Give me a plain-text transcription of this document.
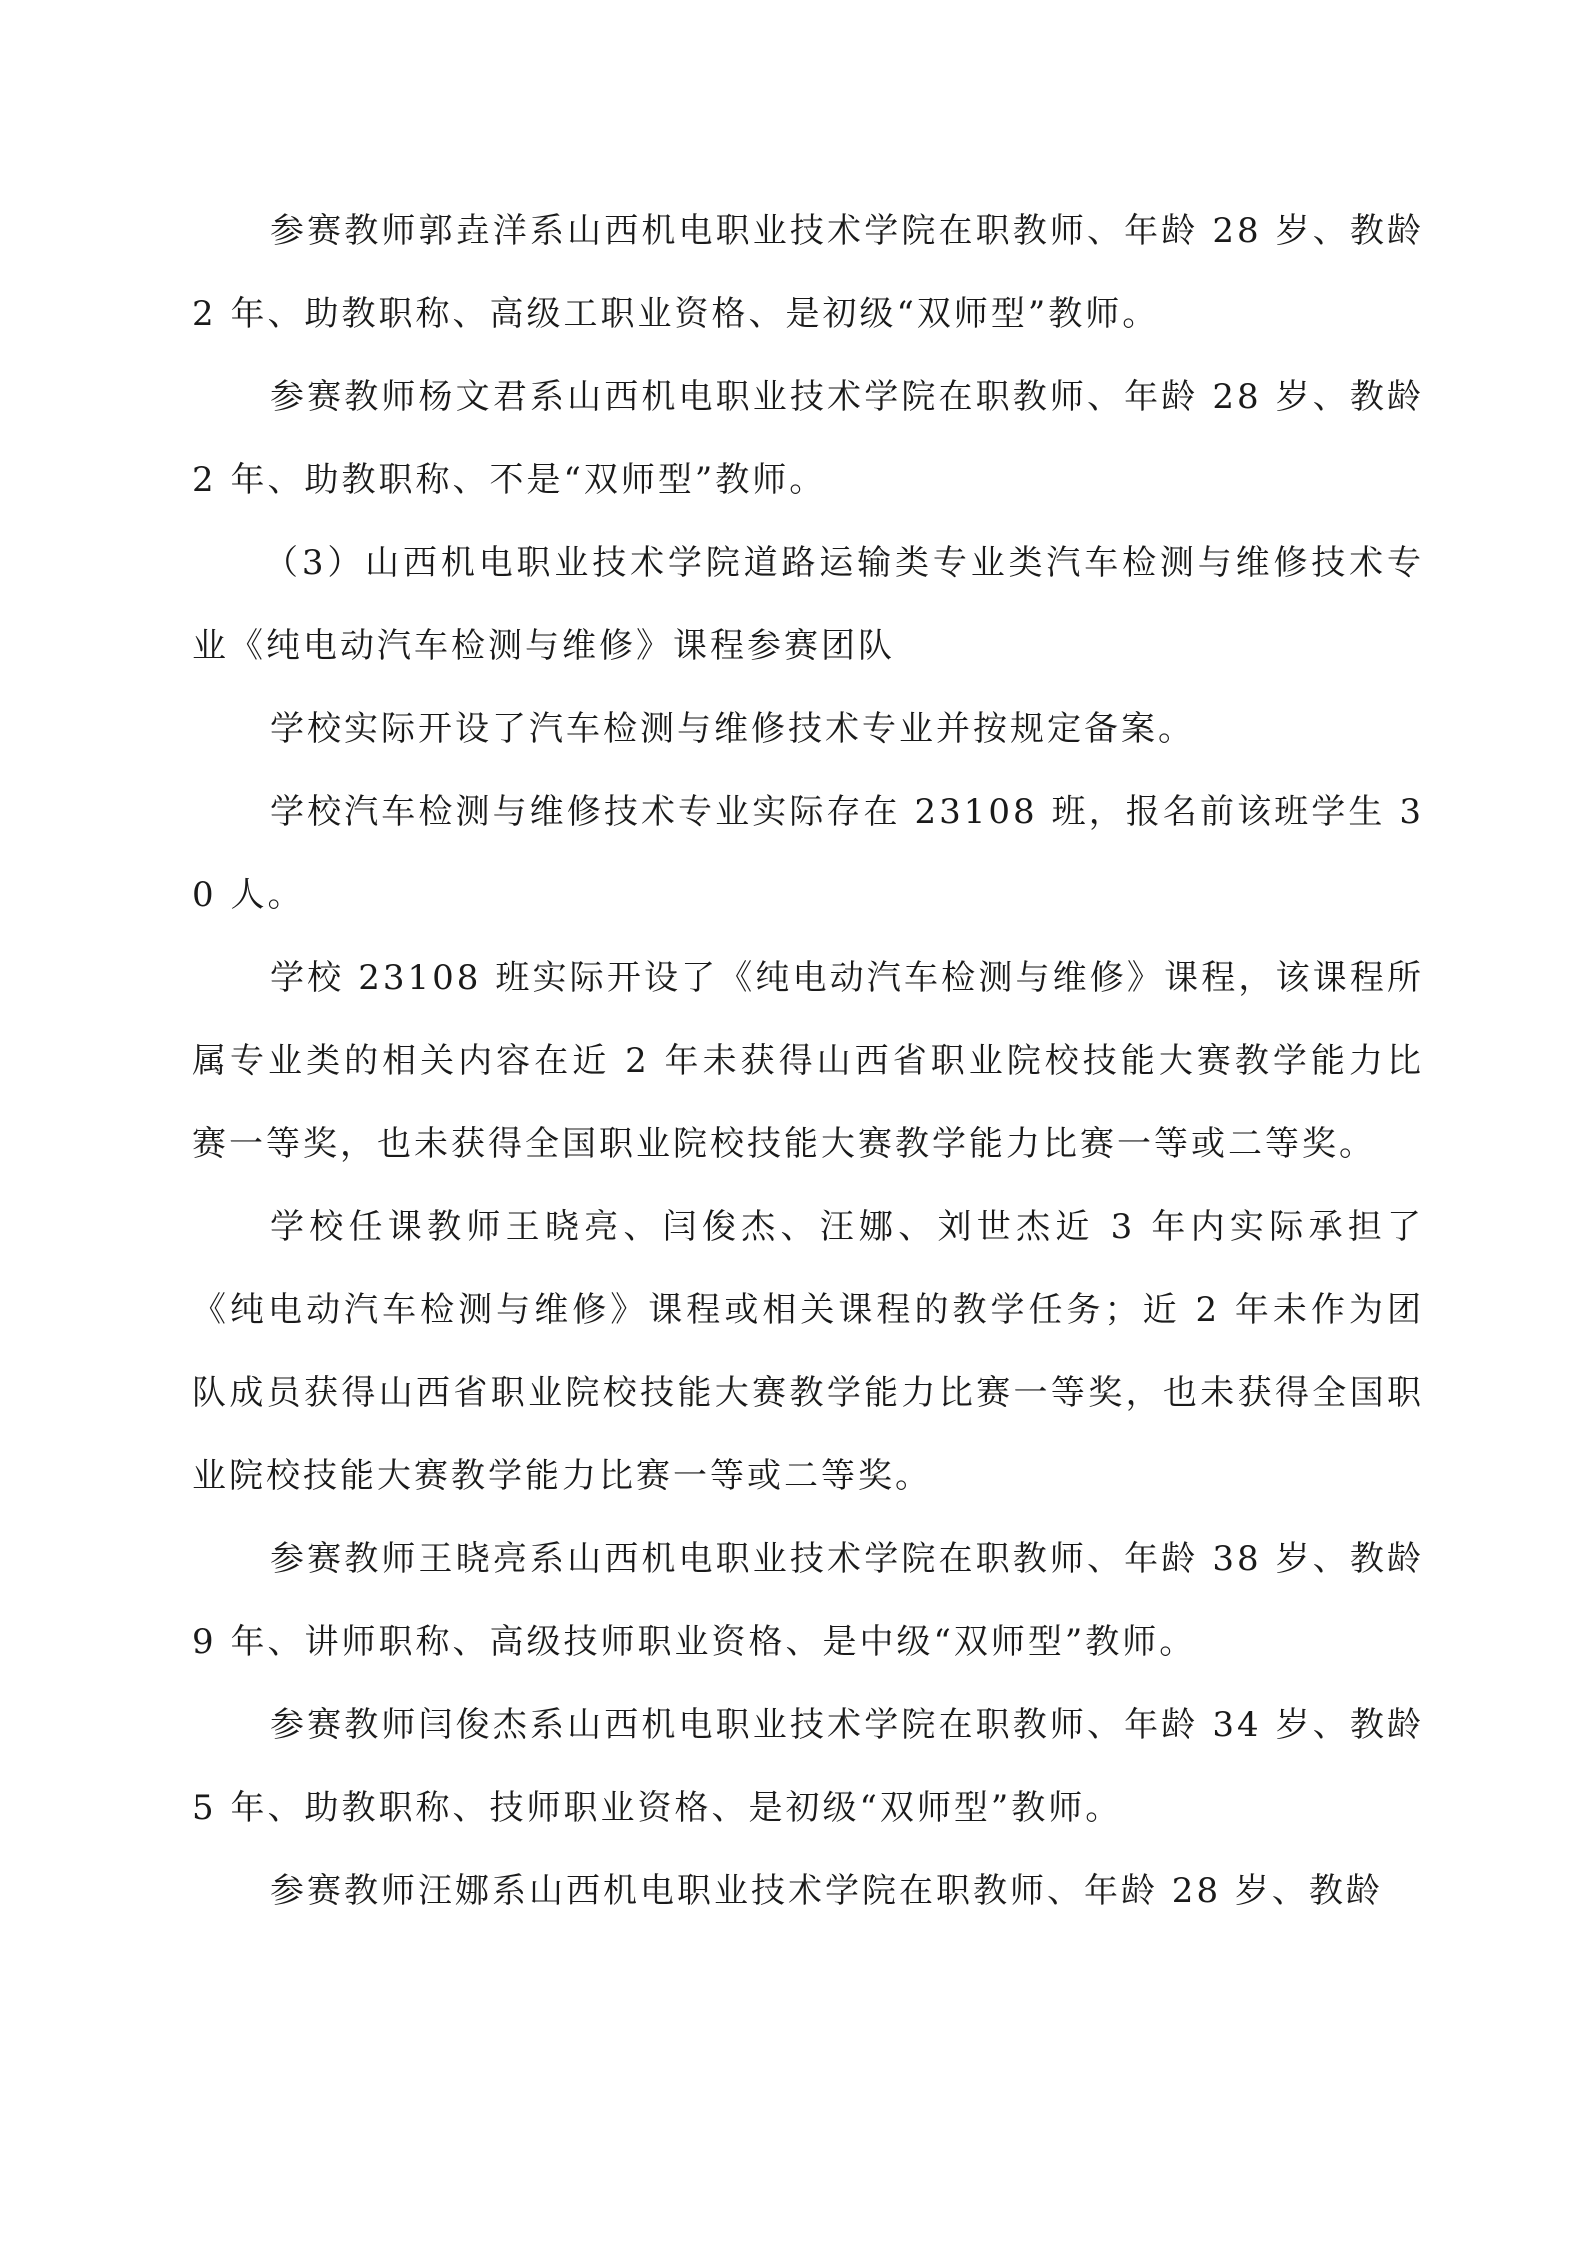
参赛教师郭垚洋系山西机电职业技术学院在职教师、年龄 28 岁、教龄 2 年、助教职称、高级工职业资格、是初级“双师型”教师。

参赛教师杨文君系山西机电职业技术学院在职教师、年龄 28 岁、教龄 2 年、助教职称、不是“双师型”教师。

（3）山西机电职业技术学院道路运输类专业类汽车检测与维修技术专业《纯电动汽车检测与维修》课程参赛团队

学校实际开设了汽车检测与维修技术专业并按规定备案。

学校汽车检测与维修技术专业实际存在 23108 班，报名前该班学生 30 人。

学校 23108 班实际开设了《纯电动汽车检测与维修》课程，该课程所属专业类的相关内容在近 2 年未获得山西省职业院校技能大赛教学能力比赛一等奖，也未获得全国职业院校技能大赛教学能力比赛一等或二等奖。

学校任课教师王晓亮、闫俊杰、汪娜、刘世杰近 3 年内实际承担了《纯电动汽车检测与维修》课程或相关课程的教学任务；近 2 年未作为团队成员获得山西省职业院校技能大赛教学能力比赛一等奖，也未获得全国职业院校技能大赛教学能力比赛一等或二等奖。

参赛教师王晓亮系山西机电职业技术学院在职教师、年龄 38 岁、教龄 9 年、讲师职称、高级技师职业资格、是中级“双师型”教师。

参赛教师闫俊杰系山西机电职业技术学院在职教师、年龄 34 岁、教龄 5 年、助教职称、技师职业资格、是初级“双师型”教师。

参赛教师汪娜系山西机电职业技术学院在职教师、年龄 28 岁、教龄
